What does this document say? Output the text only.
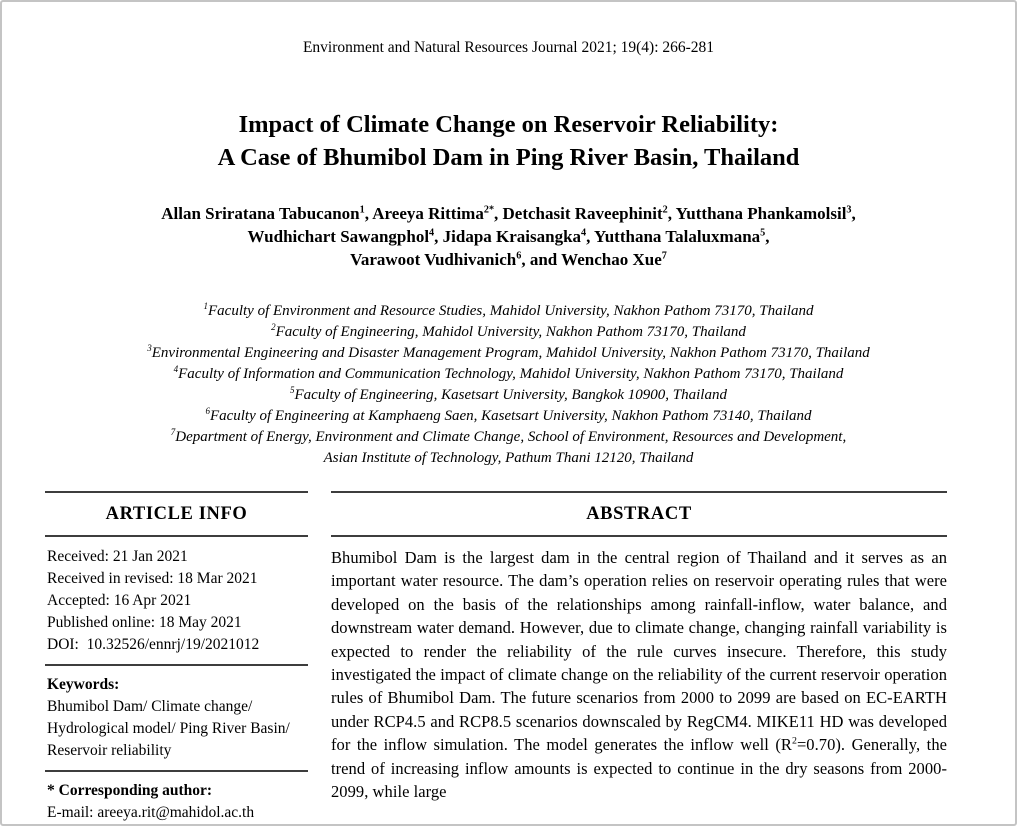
Environment and Natural Resources Journal 2021; 19(4): 266-281
Impact of Climate Change on Reservoir Reliability:
A Case of Bhumibol Dam in Ping River Basin, Thailand
Allan Sriratana Tabucanon$^1$, Areeya Rittima$^{2*}$, Detchasit Raveephinit$^2$, Yutthana Phankamolsil$^3$,
Wudhichart Sawangphol$^4$, Jidapa Kraisangka$^4$, Yutthana Talaluxmana$^5$,
Varawoot Vudhivanich$^6$, and Wenchao Xue$^7$
$^1$Faculty of Environment and Resource Studies, Mahidol University, Nakhon Pathom 73170, Thailand
$^2$Faculty of Engineering, Mahidol University, Nakhon Pathom 73170, Thailand
$^3$Environmental Engineering and Disaster Management Program, Mahidol University, Nakhon Pathom 73170, Thailand
$^4$Faculty of Information and Communication Technology, Mahidol University, Nakhon Pathom 73170, Thailand
$^5$Faculty of Engineering, Kasetsart University, Bangkok 10900, Thailand
$^6$Faculty of Engineering at Kamphaeng Saen, Kasetsart University, Nakhon Pathom 73140, Thailand
$^7$Department of Energy, Environment and Climate Change, School of Environment, Resources and Development,
Asian Institute of Technology, Pathum Thani 12120, Thailand
ARTICLE INFO
Received: 21 Jan 2021
Received in revised: 18 Mar 2021
Accepted: 16 Apr 2021
Published online: 18 May 2021
DOI:  10.32526/ennrj/19/2021012
Keywords:
Bhumibol Dam/ Climate change/ Hydrological model/ Ping River Basin/ Reservoir reliability
* Corresponding author:
E-mail: areeya.rit@mahidol.ac.th
ABSTRACT

Bhumibol Dam is the largest dam in the central region of Thailand and it serves as an important water resource. The dam’s operation relies on reservoir operating rules that were developed on the basis of the relationships among rainfall-inflow, water balance, and downstream water demand. However, due to climate change, changing rainfall variability is expected to render the reliability of the rule curves insecure. Therefore, this study investigated the impact of climate change on the reliability of the current reservoir operation rules of Bhumibol Dam. The future scenarios from 2000 to 2099 are based on EC-EARTH under RCP4.5 and RCP8.5 scenarios downscaled by RegCM4. MIKE11 HD was developed for the inflow simulation. The model generates the inflow well $(R^2=0.70)$. Generally, the trend of increasing inflow amounts is expected to continue in the dry seasons from 2000-2099, while large
